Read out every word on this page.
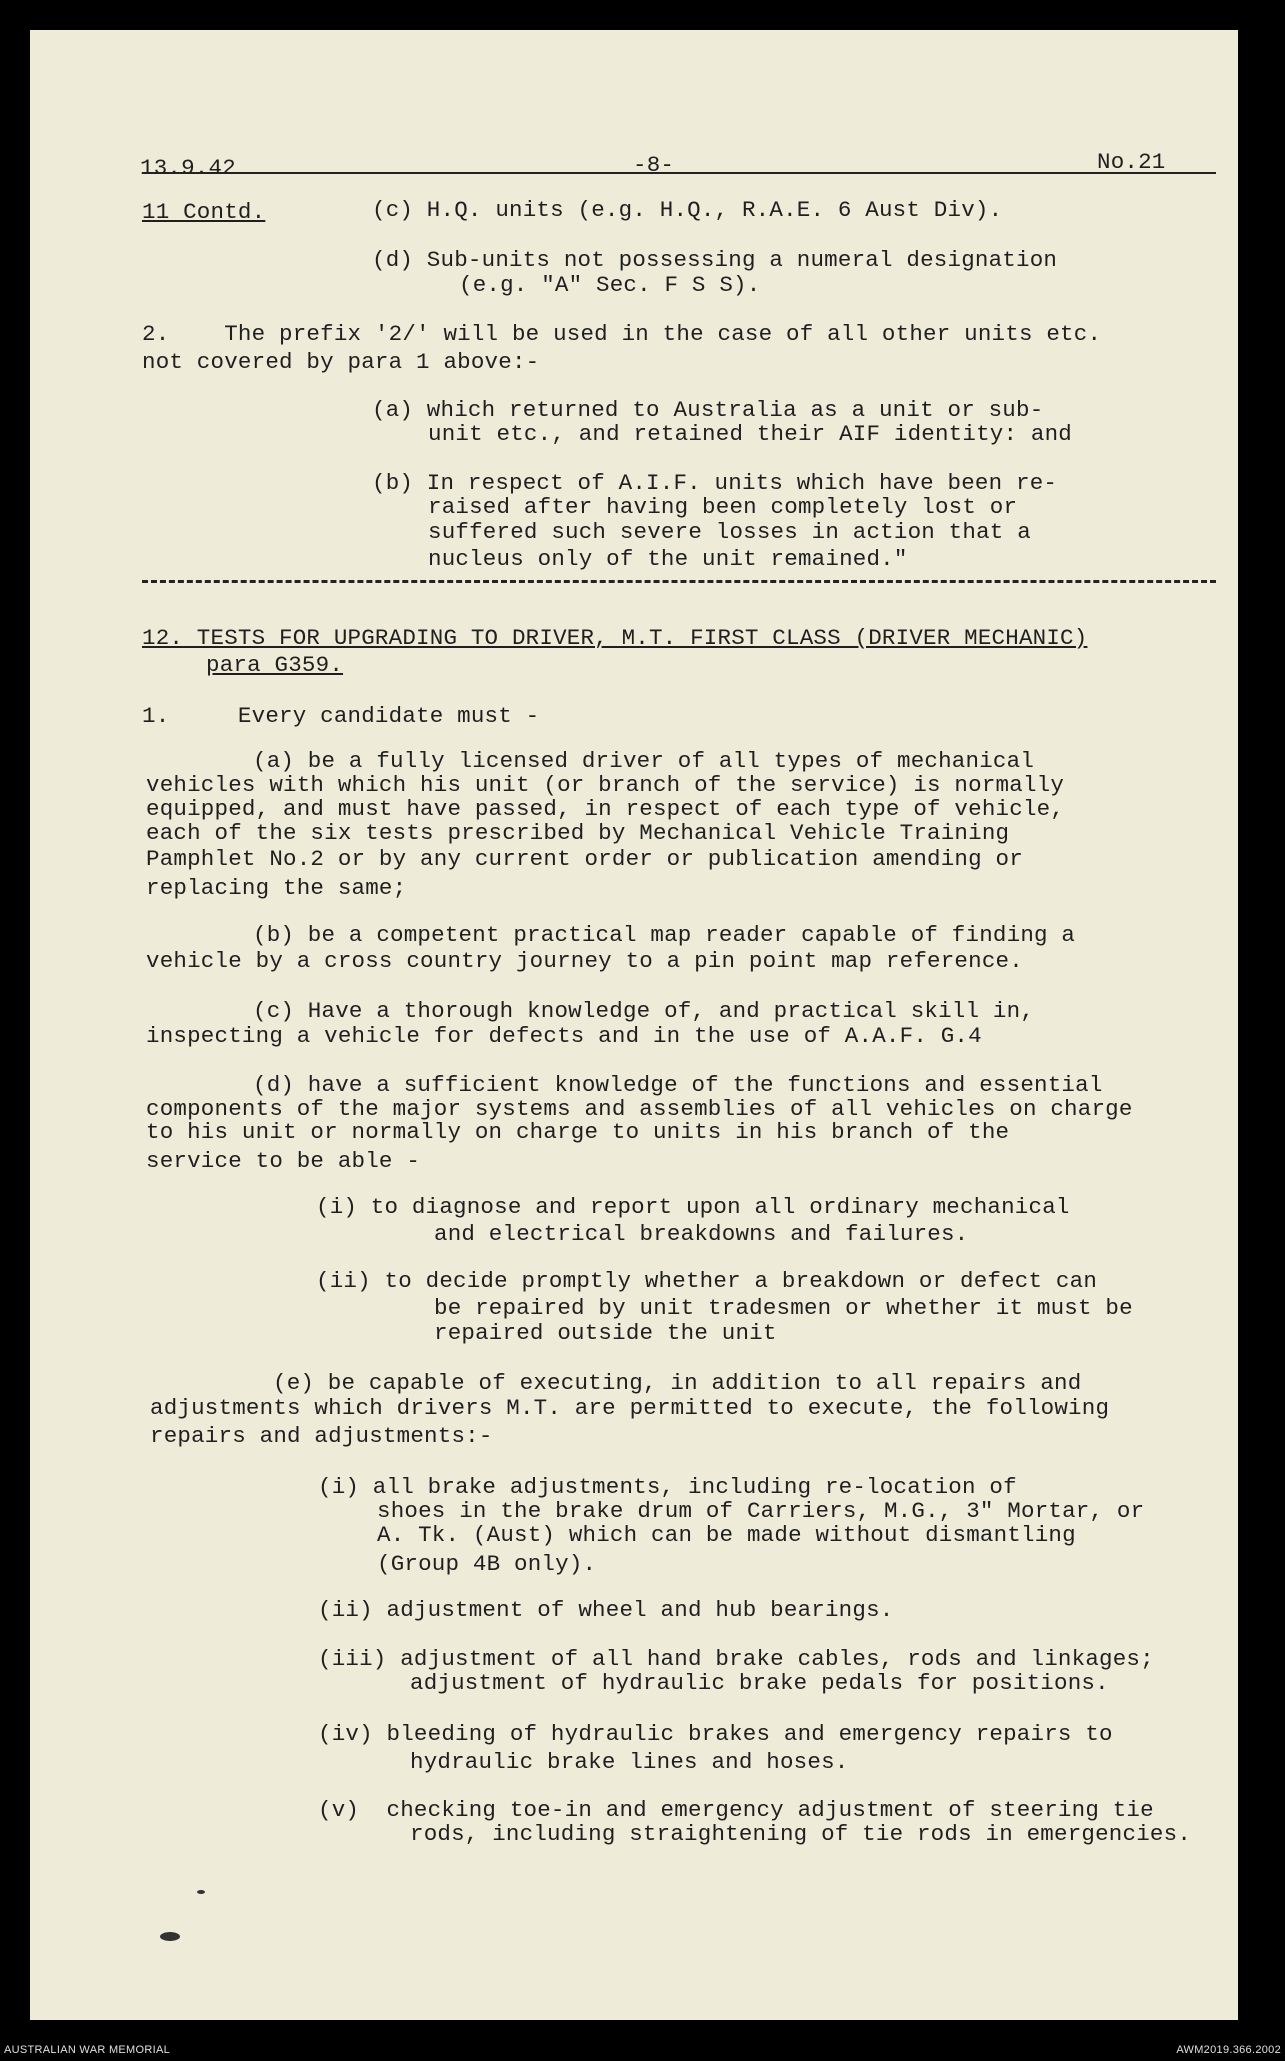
13.9.42	-8-	No.21
11 Contd.	(c) H.Q. units (e.g. H.Q., R.A.E. 6 Aust Div).
(d) Sub-units not possessing a numeral designation
(e.g. "A" Sec. F S S).
2.    The prefix '2/' will be used in the case of all other units etc.
not covered by para 1 above:-
(a) which returned to Australia as a unit or sub-
unit etc., and retained their AIF identity: and
(b) In respect of A.I.F. units which have been re-
raised after having been completely lost or
suffered such severe losses in action that a
nucleus only of the unit remained."
12. TESTS FOR UPGRADING TO DRIVER, M.T. FIRST CLASS (DRIVER MECHANIC)
para G359.
1.     Every candidate must -
(a) be a fully licensed driver of all types of mechanical
vehicles with which his unit (or branch of the service) is normally
equipped, and must have passed, in respect of each type of vehicle,
each of the six tests prescribed by Mechanical Vehicle Training
Pamphlet No.2 or by any current order or publication amending or
replacing the same;
(b) be a competent practical map reader capable of finding a
vehicle by a cross country journey to a pin point map reference.
(c) Have a thorough knowledge of, and practical skill in,
inspecting a vehicle for defects and in the use of A.A.F. G.4
(d) have a sufficient knowledge of the functions and essential
components of the major systems and assemblies of all vehicles on charge
to his unit or normally on charge to units in his branch of the
service to be able -
(i) to diagnose and report upon all ordinary mechanical
and electrical breakdowns and failures.
(ii) to decide promptly whether a breakdown or defect can
be repaired by unit tradesmen or whether it must be
repaired outside the unit
(e) be capable of executing, in addition to all repairs and
adjustments which drivers M.T. are permitted to execute, the following
repairs and adjustments:-
(i) all brake adjustments, including re-location of
shoes in the brake drum of Carriers, M.G., 3" Mortar, or
A. Tk. (Aust) which can be made without dismantling
(Group 4B only).
(ii) adjustment of wheel and hub bearings.
(iii) adjustment of all hand brake cables, rods and linkages;
adjustment of hydraulic brake pedals for positions.
(iv) bleeding of hydraulic brakes and emergency repairs to
hydraulic brake lines and hoses.
(v)  checking toe-in and emergency adjustment of steering tie
rods, including straightening of tie rods in emergencies.
AUSTRALIAN WAR MEMORIAL	AWM2019.366.2002
